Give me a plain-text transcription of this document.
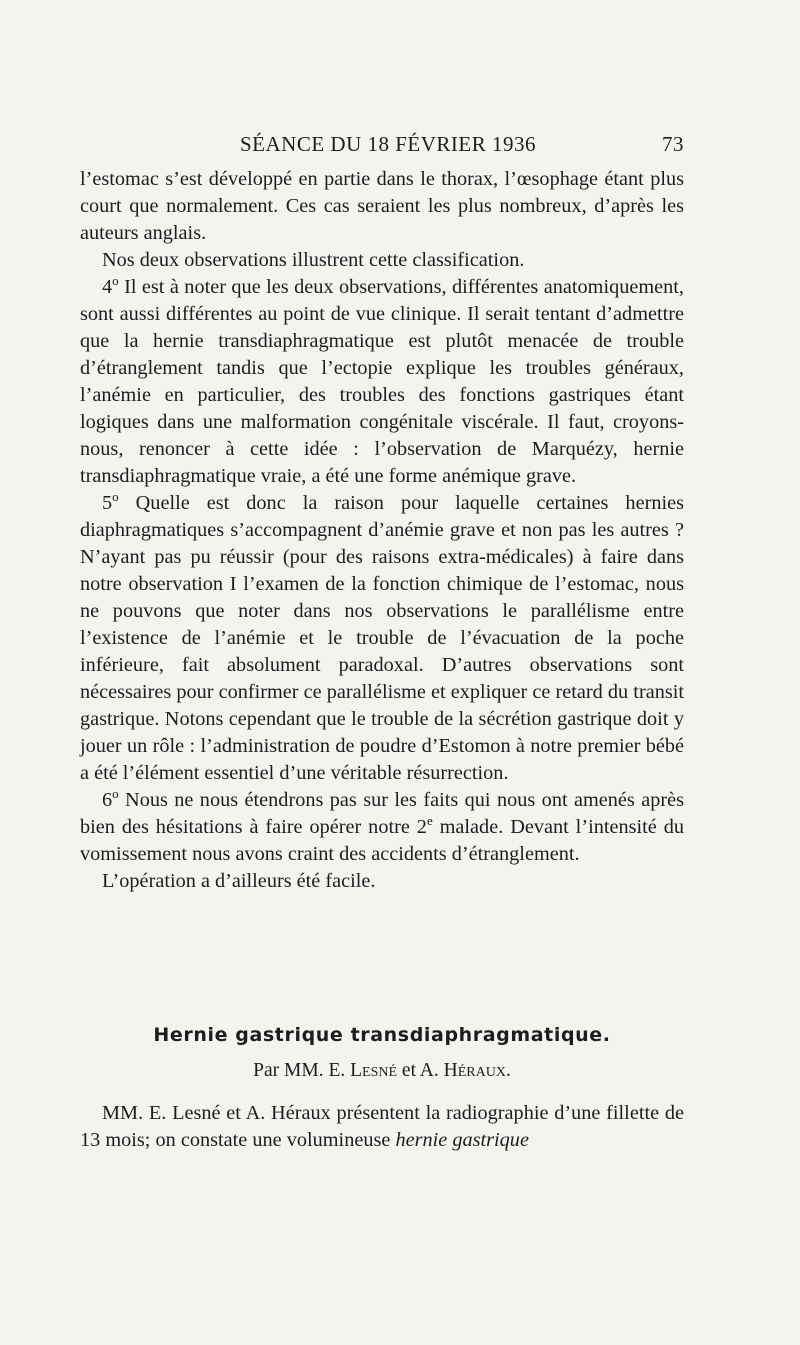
SÉANCE DU 18 FÉVRIER 1936	73

l’estomac s’est développé en partie dans le thorax, l’œsophage étant plus court que normalement. Ces cas seraient les plus nombreux, d’après les auteurs anglais.

Nos deux observations illustrent cette classification.

4$^o$ Il est à noter que les deux observations, différentes anatomiquement, sont aussi différentes au point de vue clinique. Il serait tentant d’admettre que la hernie transdiaphragmatique est plutôt menacée de trouble d’étranglement tandis que l’ectopie explique les troubles généraux, l’anémie en particulier, des troubles des fonctions gastriques étant logiques dans une malformation congénitale viscérale. Il faut, croyons-nous, renoncer à cette idée : l’observation de Marquézy, hernie transdiaphragmatique vraie, a été une forme anémique grave.

5$^o$ Quelle est donc la raison pour laquelle certaines hernies diaphragmatiques s’accompagnent d’anémie grave et non pas les autres ? N’ayant pas pu réussir (pour des raisons extra-médicales) à faire dans notre observation I l’examen de la fonction chimique de l’estomac, nous ne pouvons que noter dans nos observations le parallélisme entre l’existence de l’anémie et le trouble de l’évacuation de la poche inférieure, fait absolument paradoxal. D’autres observations sont nécessaires pour confirmer ce parallélisme et expliquer ce retard du transit gastrique. Notons cependant que le trouble de la sécrétion gastrique doit y jouer un rôle : l’administration de poudre d’Estomon à notre premier bébé a été l’élément essentiel d’une véritable résurrection.

6$^o$ Nous ne nous étendrons pas sur les faits qui nous ont amenés après bien des hésitations à faire opérer notre 2e malade. Devant l’intensité du vomissement nous avons craint des accidents d’étranglement.

L’opération a d’ailleurs été facile.

Hernie gastrique transdiaphragmatique.
Par MM. E. Lesné et A. Héraux.

MM. E. Lesné et A. Héraux présentent la radiographie d’une fillette de 13 mois; on constate une volumineuse hernie gastrique
